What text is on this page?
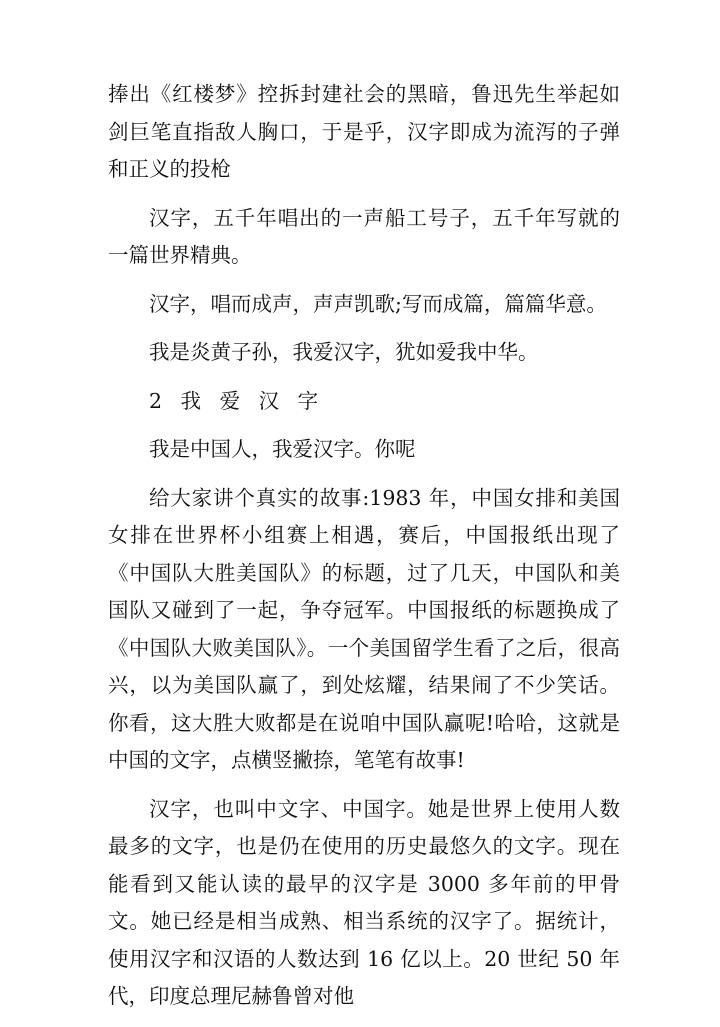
捧出《红楼梦》控拆封建社会的黑暗，鲁迅先生举起如剑巨笔直指敌人胸口，于是乎，汉字即成为流泻的子弹和正义的投枪

汉字，五千年唱出的一声船工号子，五千年写就的一篇世界精典。

汉字，唱而成声，声声凯歌;写而成篇，篇篇华意。

我是炎黄子孙，我爱汉字，犹如爱我中华。

2 我 爱 汉 字

我是中国人，我爱汉字。你呢

给大家讲个真实的故事:1983 年，中国女排和美国女排在世界杯小组赛上相遇，赛后，中国报纸出现了《中国队大胜美国队》的标题，过了几天，中国队和美国队又碰到了一起，争夺冠军。中国报纸的标题换成了《中国队大败美国队》。一个美国留学生看了之后，很高兴，以为美国队赢了，到处炫耀，结果闹了不少笑话。你看，这大胜大败都是在说咱中国队赢呢!哈哈，这就是中国的文字，点横竖撇捺，笔笔有故事!

汉字，也叫中文字、中国字。她是世界上使用人数最多的文字，也是仍在使用的历史最悠久的文字。现在能看到又能认读的最早的汉字是 3000 多年前的甲骨文。她已经是相当成熟、相当系统的汉字了。据统计，使用汉字和汉语的人数达到 16 亿以上。20 世纪 50 年代，印度总理尼赫鲁曾对他
